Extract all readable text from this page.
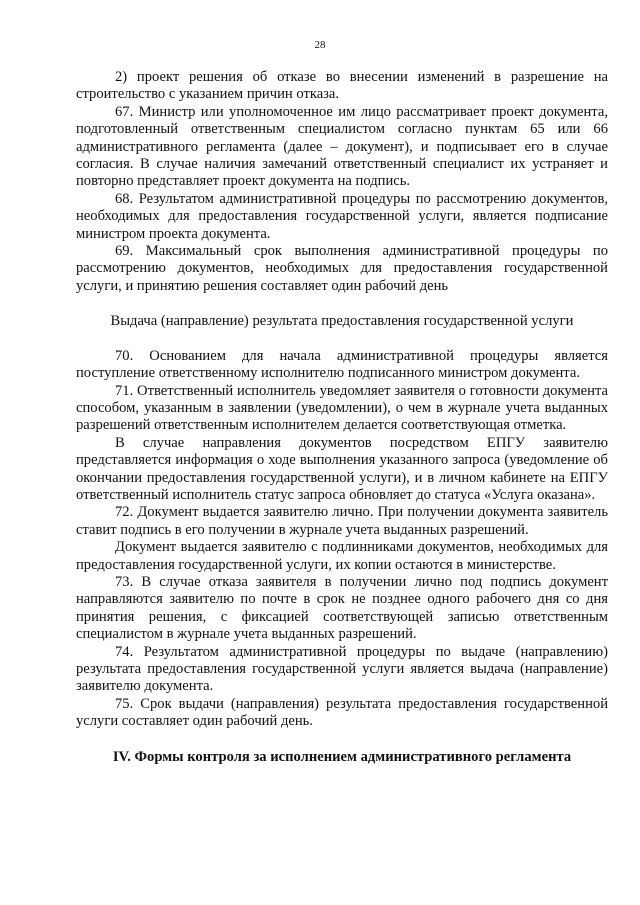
28

2) проект решения об отказе во внесении изменений в разрешение на строительство с указанием причин отказа.

67. Министр или уполномоченное им лицо рассматривает проект документа, подготовленный ответственным специалистом согласно пунктам 65 или 66 административного регламента (далее – документ), и подписывает его в случае согласия. В случае наличия замечаний ответственный специалист их устраняет и повторно представляет проект документа на подпись.

68. Результатом административной процедуры по рассмотрению документов, необходимых для предоставления государственной услуги, является подписание министром проекта документа.

69. Максимальный срок выполнения административной процедуры по рассмотрению документов, необходимых для предоставления государственной услуги, и принятию решения составляет один рабочий день

Выдача (направление) результата предоставления государственной услуги

70. Основанием для начала административной процедуры является поступление ответственному исполнителю подписанного министром документа.

71. Ответственный исполнитель уведомляет заявителя о готовности документа способом, указанным в заявлении (уведомлении), о чем в журнале учета выданных разрешений ответственным исполнителем делается соответствующая отметка.

В случае направления документов посредством ЕПГУ заявителю представляется информация о ходе выполнения указанного запроса (уведомление об окончании предоставления государственной услуги), и в личном кабинете на ЕПГУ ответственный исполнитель статус запроса обновляет до статуса «Услуга оказана».

72. Документ выдается заявителю лично. При получении документа заявитель ставит подпись в его получении в журнале учета выданных разрешений.

Документ выдается заявителю с подлинниками документов, необходимых для предоставления государственной услуги, их копии остаются в министерстве.

73. В случае отказа заявителя в получении лично под подпись документ направляются заявителю по почте в срок не позднее одного рабочего дня со дня принятия решения, с фиксацией соответствующей записью ответственным специалистом в журнале учета выданных разрешений.

74. Результатом административной процедуры по выдаче (направлению) результата предоставления государственной услуги является выдача (направление) заявителю документа.

75. Срок выдачи (направления) результата предоставления государственной услуги составляет один рабочий день.

IV. Формы контроля за исполнением административного регламента
